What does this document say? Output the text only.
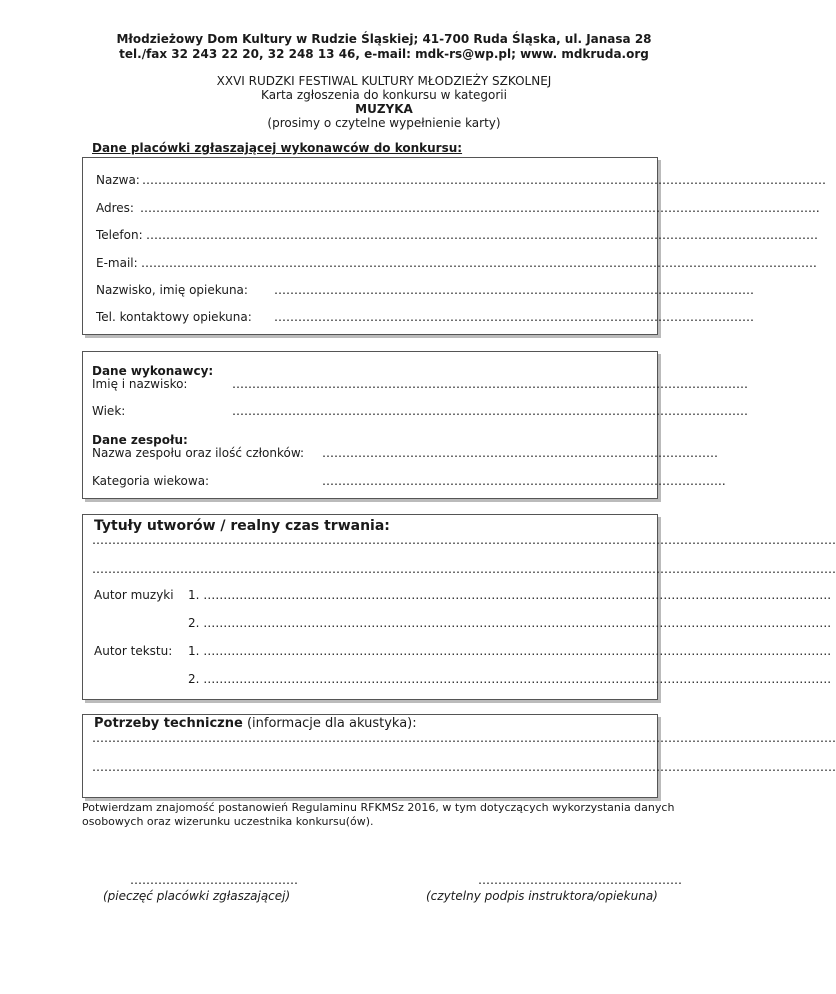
Młodzieżowy Dom Kultury w Rudzie Śląskiej; 41-700 Ruda Śląska, ul. Janasa 28
tel./fax 32 243 22 20, 32 248 13 46, e-mail: mdk-rs@wp.pl; www. mdkruda.org
XXVI RUDZKI FESTIWAL KULTURY MŁODZIEŻY SZKOLNEJ
Karta zgłoszenia do konkursu w kategorii
MUZYKA
(prosimy o czytelne wypełnienie karty)
Dane placówki zgłaszającej wykonawców do konkursu:
Nazwa: ………………………………………………………………………………………………………………………………………………………
Adres: ……………………………………………………………………………………………………………………………………………………..
Telefon: ……………………………………………………………………………………………………………………………………………………
E-mail: …………………………………………………………………………………………………………………………………………………….
Nazwisko, imię opiekuna: …………………………………………………………………………………………………………
Tel. kontaktowy opiekuna: …………………………………………………………………………………………………………
Dane wykonawcy:
Imię i nazwisko:	…………………………………………………………………………………………………………………
Wiek:	…………………………………………………………………………………………………………………
Dane zespołu:
Nazwa zespołu oraz ilość członków: ………………………………………………………………………………………
Kategoria wiekowa:	………………………………………………………………………………………..
Tytuły utworów / realny czas trwania:
……………………………………………………………………………………………………………………………………………………………………
……………………………………………………………………………………………………………………………………………………………………
Autor muzyki 1. ………………………………………………………………………………………………………………………………………….
2. ………………………………………………………………………………………………………………………………………….
Autor tekstu: 1. ………………………………………………………………………………………………………………………………………….
2. ………………………………………………………………………………………………………………………………………….
Potrzeby techniczne (informacje dla akustyka):
……………………………………………………………………………………………………………………………………………………………………
……………………………………………………………………………………………………………………………………………………………………
Potwierdzam znajomość postanowień Regulaminu RFKMSz 2016, w tym dotyczących wykorzystania danych
osobowych oraz wizerunku uczestnika konkursu(ów).
……………………………………
(pieczęć placówki zgłaszającej)
……………………………………………
(czytelny podpis instruktora/opiekuna)
